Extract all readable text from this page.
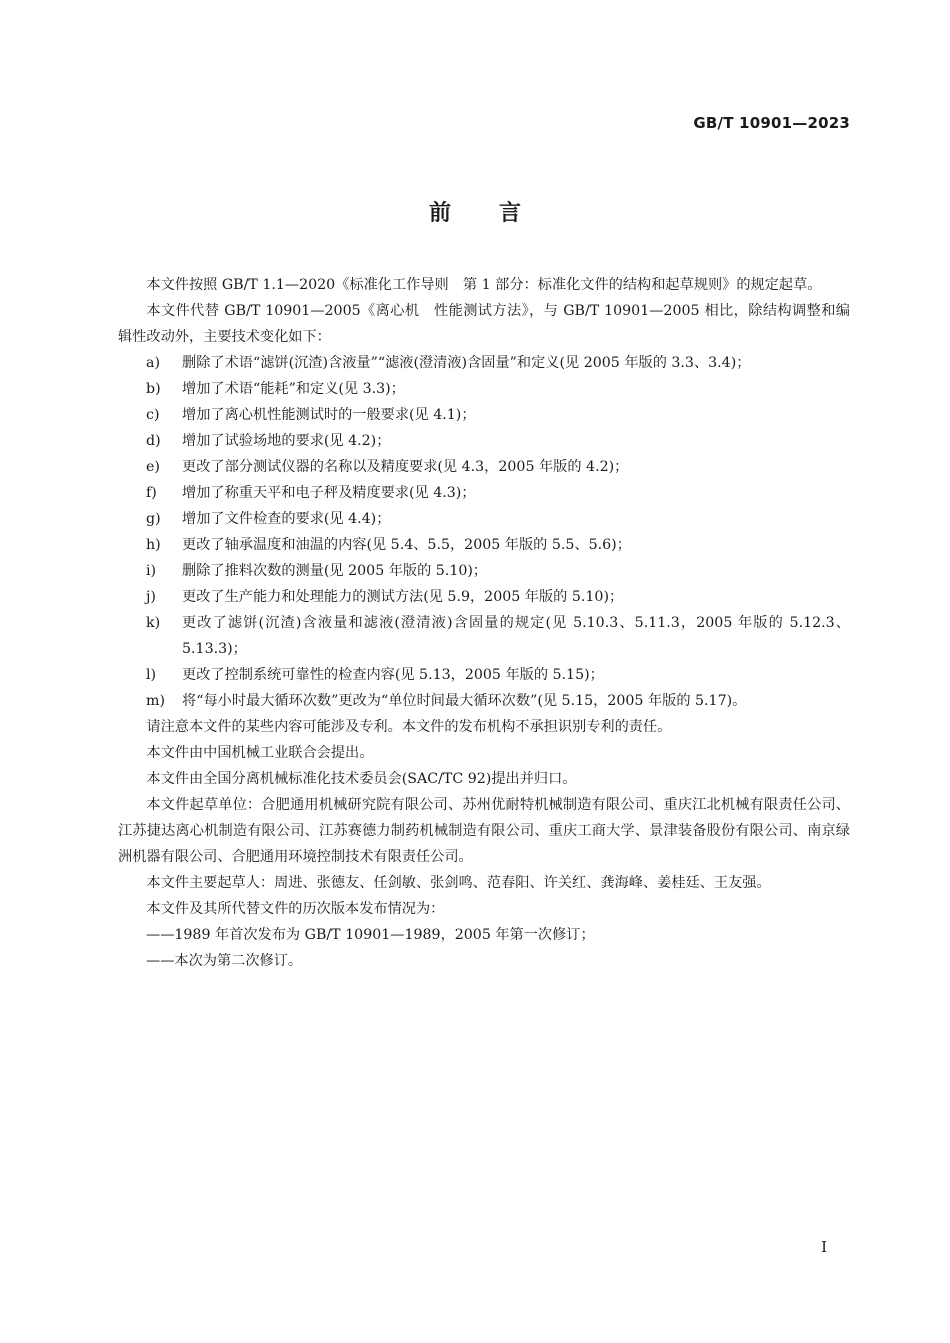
GB/T 10901—2023
前言

本文件按照 GB/T 1.1—2020《标准化工作导则　第 1 部分：标准化文件的结构和起草规则》的规定起草。

本文件代替 GB/T 10901—2005《离心机　性能测试方法》，与 GB/T 10901—2005 相比，除结构调整和编辑性改动外，主要技术变化如下：

a) 删除了术语“滤饼(沉渣)含液量”“滤液(澄清液)含固量”和定义(见 2005 年版的 3.3、3.4)；

b) 增加了术语“能耗”和定义(见 3.3)；

c) 增加了离心机性能测试时的一般要求(见 4.1)；

d) 增加了试验场地的要求(见 4.2)；

e) 更改了部分测试仪器的名称以及精度要求(见 4.3，2005 年版的 4.2)；

f) 增加了称重天平和电子秤及精度要求(见 4.3)；

g) 增加了文件检查的要求(见 4.4)；

h) 更改了轴承温度和油温的内容(见 5.4、5.5，2005 年版的 5.5、5.6)；

i) 删除了推料次数的测量(见 2005 年版的 5.10)；

j) 更改了生产能力和处理能力的测试方法(见 5.9，2005 年版的 5.10)；

k) 更改了滤饼(沉渣)含液量和滤液(澄清液)含固量的规定(见 5.10.3、5.11.3，2005 年版的 5.12.3、5.13.3)；

l) 更改了控制系统可靠性的检查内容(见 5.13，2005 年版的 5.15)；

m) 将“每小时最大循环次数”更改为“单位时间最大循环次数”(见 5.15，2005 年版的 5.17)。

请注意本文件的某些内容可能涉及专利。本文件的发布机构不承担识别专利的责任。

本文件由中国机械工业联合会提出。

本文件由全国分离机械标准化技术委员会(SAC/TC 92)提出并归口。

本文件起草单位：合肥通用机械研究院有限公司、苏州优耐特机械制造有限公司、重庆江北机械有限责任公司、江苏捷达离心机制造有限公司、江苏赛德力制药机械制造有限公司、重庆工商大学、景津装备股份有限公司、南京绿洲机器有限公司、合肥通用环境控制技术有限责任公司。

本文件主要起草人：周进、张德友、任剑敏、张剑鸣、范春阳、许关红、龚海峰、姜桂廷、王友强。

本文件及其所代替文件的历次版本发布情况为：

——1989 年首次发布为 GB/T 10901—1989，2005 年第一次修订；

——本次为第二次修订。

I
